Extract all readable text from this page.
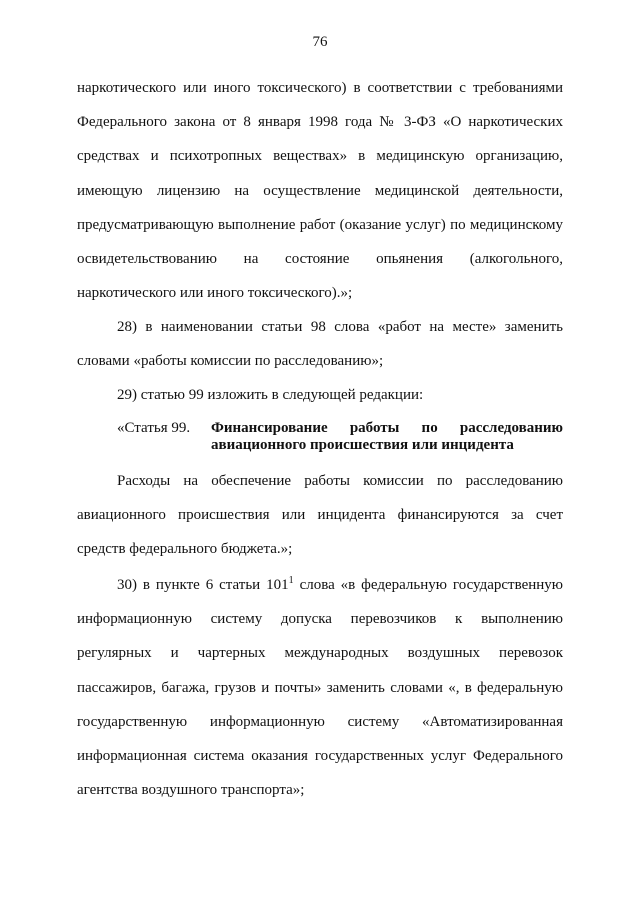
76
наркотического или иного токсического) в соответствии с требованиями
Федерального закона от 8 января 1998 года № 3-ФЗ «О наркотических
средствах и психотропных веществах» в медицинскую организацию,
имеющую лицензию на осуществление медицинской деятельности,
предусматривающую выполнение работ (оказание услуг) по медицинскому
освидетельствованию на состояние опьянения (алкогольного,
наркотического или иного токсического).»;
28) в наименовании статьи 98 слова «работ на месте» заменить
словами «работы комиссии по расследованию»;
29) статью 99 изложить в следующей редакции:
«Статья 99. Финансирование работы по расследованию
авиационного происшествия или инцидента
Расходы на обеспечение работы комиссии по расследованию
авиационного происшествия или инцидента финансируются за счет
средств федерального бюджета.»;
30) в пункте 6 статьи $101^1$ слова «в федеральную государственную
информационную систему допуска перевозчиков к выполнению
регулярных и чартерных международных воздушных перевозок
пассажиров, багажа, грузов и почты» заменить словами «, в федеральную
государственную информационную систему «Автоматизированная
информационная система оказания государственных услуг Федерального
агентства воздушного транспорта»;
